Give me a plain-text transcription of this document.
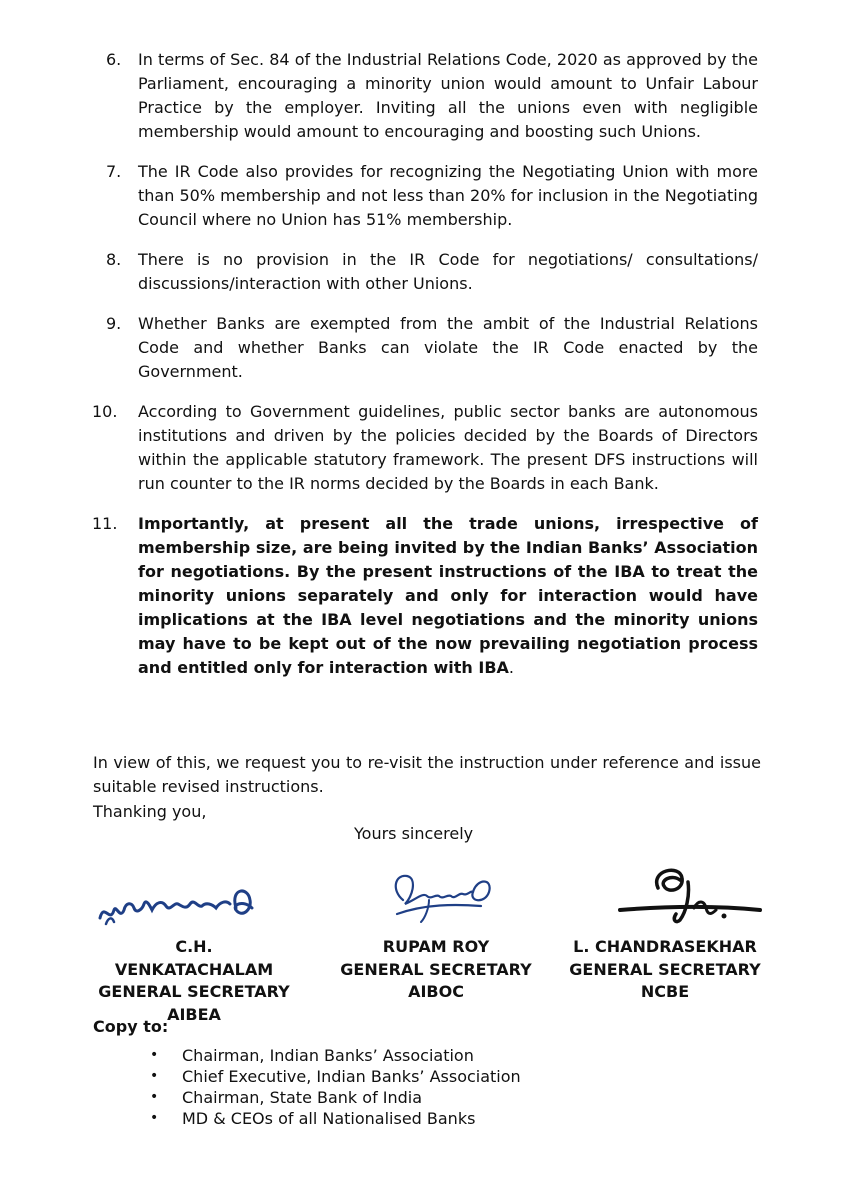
6.	In terms of Sec. 84 of the Industrial Relations Code, 2020 as approved by the Parliament, encouraging a minority union would amount to Unfair Labour Practice by the employer. Inviting all the unions even with negligible membership would amount to encouraging and boosting such Unions.
7.	The IR Code also provides for recognizing the Negotiating Union with more than 50% membership and not less than 20% for inclusion in the Negotiating Council where no Union has 51% membership.
8.	There is no provision in the IR Code for negotiations/ consultations/ discussions/interaction with other Unions.
9.	Whether Banks are exempted from the ambit of the Industrial Relations Code and whether Banks can violate the IR Code enacted by the Government.
10.	According to Government guidelines, public sector banks are autonomous institutions and driven by the policies decided by the Boards of Directors within the applicable statutory framework. The present DFS instructions will run counter to the IR norms decided by the Boards in each Bank.
11.	Importantly, at present all the trade unions, irrespective of membership size, are being invited by the Indian Banks’ Association for negotiations. By the present instructions of the IBA to treat the minority unions separately and only for interaction would have implications at the IBA level negotiations and the minority unions may have to be kept out of the now prevailing negotiation process and entitled only for interaction with IBA.
In view of this, we request you to re-visit the instruction under reference and issue suitable revised instructions.
Thanking you,
Yours sincerely
C.H. VENKATACHALAM
GENERAL SECRETARY
AIBEA
RUPAM ROY
GENERAL SECRETARY
AIBOC
L. CHANDRASEKHAR
GENERAL SECRETARY
NCBE
Copy to:
•	Chairman, Indian Banks’ Association
•	Chief Executive, Indian Banks’ Association
•	Chairman, State Bank of India
•	MD & CEOs of all Nationalised Banks
